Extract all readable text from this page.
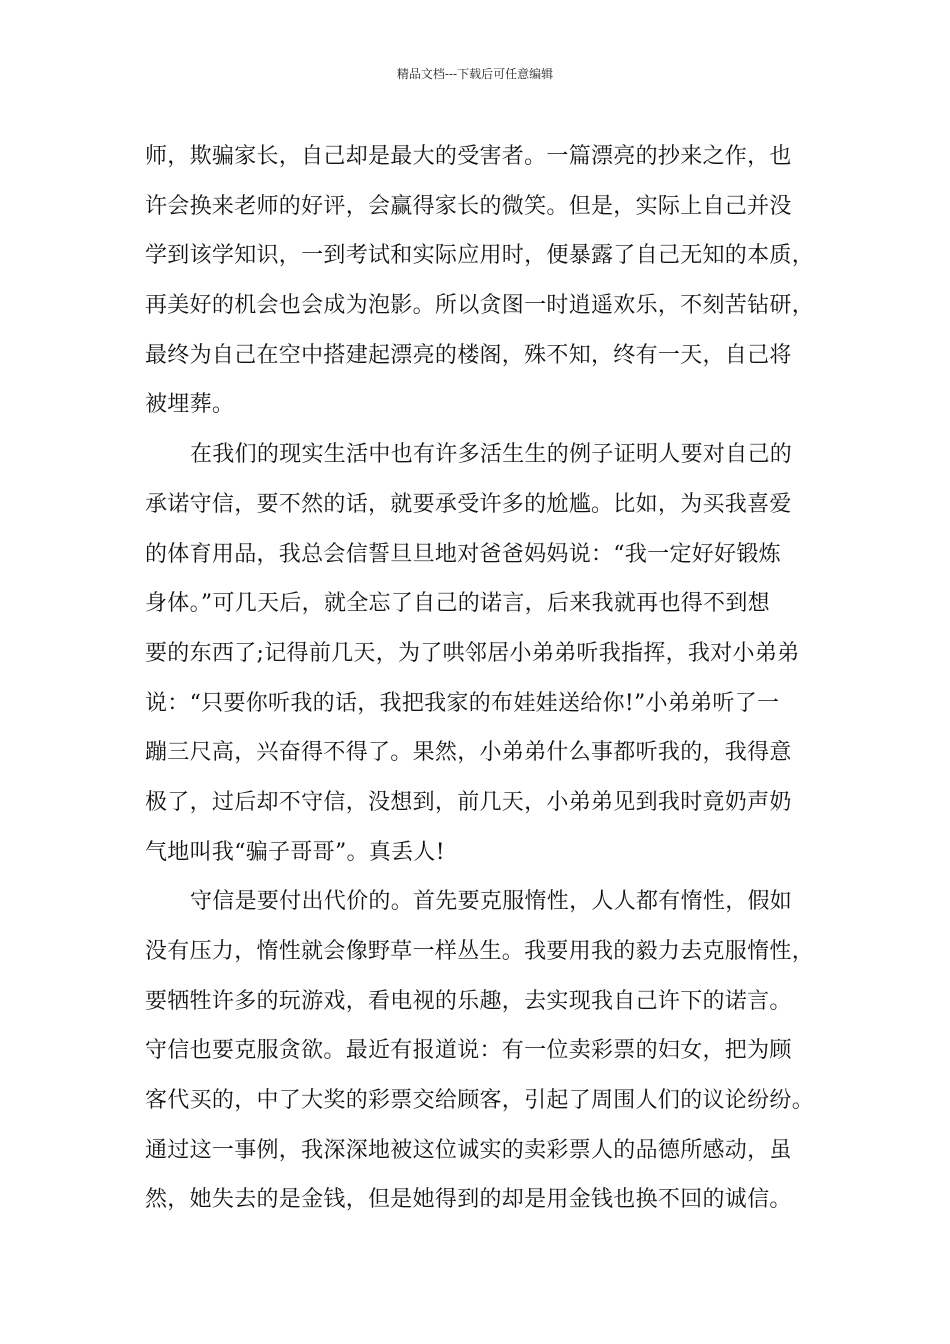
精品文档---下载后可任意编辑
师，欺骗家长，自己却是最大的受害者。一篇漂亮的抄来之作，也
许会换来老师的好评，会赢得家长的微笑。但是，实际上自己并没
学到该学知识，一到考试和实际应用时，便暴露了自己无知的本质，
再美好的机会也会成为泡影。所以贪图一时逍遥欢乐，不刻苦钻研，
最终为自己在空中搭建起漂亮的楼阁，殊不知，终有一天，自己将
被埋葬。
在我们的现实生活中也有许多活生生的例子证明人要对自己的
承诺守信，要不然的话，就要承受许多的尬尴。比如，为买我喜爱
的体育用品，我总会信誓旦旦地对爸爸妈妈说：“我一定好好锻炼
身体。”可几天后，就全忘了自己的诺言，后来我就再也得不到想
要的东西了;记得前几天，为了哄邻居小弟弟听我指挥，我对小弟弟
说：“只要你听我的话，我把我家的布娃娃送给你!”小弟弟听了一
蹦三尺高，兴奋得不得了。果然，小弟弟什么事都听我的，我得意
极了，过后却不守信，没想到，前几天，小弟弟见到我时竟奶声奶
气地叫我“骗子哥哥”。真丢人!
守信是要付出代价的。首先要克服惰性，人人都有惰性，假如
没有压力，惰性就会像野草一样丛生。我要用我的毅力去克服惰性，
要牺牲许多的玩游戏，看电视的乐趣，去实现我自己许下的诺言。
守信也要克服贪欲。最近有报道说：有一位卖彩票的妇女，把为顾
客代买的，中了大奖的彩票交给顾客，引起了周围人们的议论纷纷。
通过这一事例，我深深地被这位诚实的卖彩票人的品德所感动，虽
然，她失去的是金钱，但是她得到的却是用金钱也换不回的诚信。
